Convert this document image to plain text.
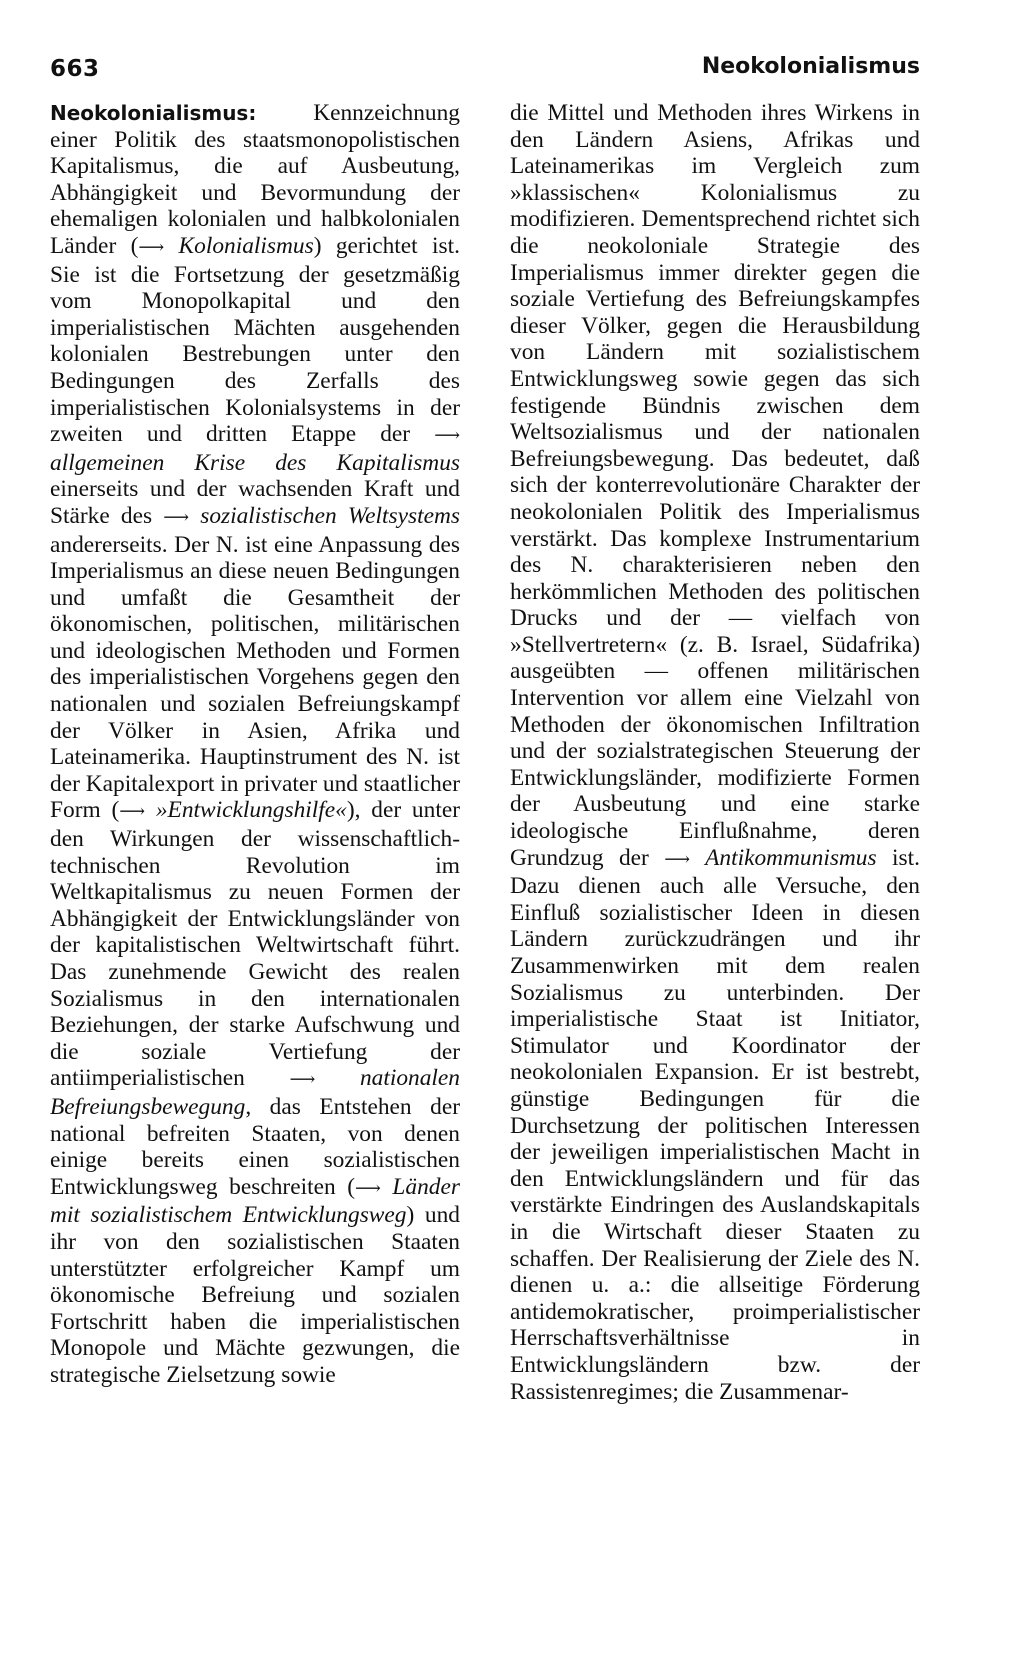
663	Neokolonialismus
Neokolonialismus: Kennzeichnung einer Politik des staatsmonopolistischen Kapitalismus, die auf Ausbeutung, Abhängigkeit und Bevormundung der ehemaligen kolonialen und halbkolonialen Länder (⟶ Kolonialismus) gerichtet ist. Sie ist die Fortsetzung der gesetzmäßig vom Monopolkapital und den imperialistischen Mächten ausgehenden kolonialen Bestrebungen unter den Bedingungen des Zerfalls des imperialistischen Kolonialsystems in der zweiten und dritten Etappe der ⟶ allgemeinen Krise des Kapitalismus einerseits und der wachsenden Kraft und Stärke des ⟶ sozialistischen Weltsystems andererseits. Der N. ist eine Anpassung des Imperialismus an diese neuen Bedingungen und umfaßt die Gesamtheit der ökonomischen, politischen, militärischen und ideologischen Methoden und Formen des imperialistischen Vorgehens gegen den nationalen und sozialen Befreiungskampf der Völker in Asien, Afrika und Lateinamerika. Hauptinstrument des N. ist der Kapitalexport in privater und staatlicher Form (⟶ »Entwicklungshilfe«), der unter den Wirkungen der wissenschaftlich-technischen Revolution im Weltkapitalismus zu neuen Formen der Abhängigkeit der Entwicklungsländer von der kapitalistischen Weltwirtschaft führt. Das zunehmende Gewicht des realen Sozialismus in den internationalen Beziehungen, der starke Aufschwung und die soziale Vertiefung der antiimperialistischen ⟶ nationalen Befreiungsbewegung, das Entstehen der national befreiten Staaten, von denen einige bereits einen sozialistischen Entwicklungsweg beschreiten (⟶ Länder mit sozialistischem Entwicklungsweg) und ihr von den sozialistischen Staaten unterstützter erfolgreicher Kampf um ökonomische Befreiung und sozialen Fortschritt haben die imperialistischen Monopole und Mächte gezwungen, die strategische Zielsetzung sowie
die Mittel und Methoden ihres Wirkens in den Ländern Asiens, Afrikas und Lateinamerikas im Vergleich zum »klassischen« Kolonialismus zu modifizieren. Dementsprechend richtet sich die neokoloniale Strategie des Imperialismus immer direkter gegen die soziale Vertiefung des Befreiungskampfes dieser Völker, gegen die Herausbildung von Ländern mit sozialistischem Entwicklungsweg sowie gegen das sich festigende Bündnis zwischen dem Weltsozialismus und der nationalen Befreiungsbewegung. Das bedeutet, daß sich der konterrevolutionäre Charakter der neokolonialen Politik des Imperialismus verstärkt. Das komplexe Instrumentarium des N. charakterisieren neben den herkömmlichen Methoden des politischen Drucks und der — vielfach von »Stellvertretern« (z. B. Israel, Südafrika) ausgeübten — offenen militärischen Intervention vor allem eine Vielzahl von Methoden der ökonomischen Infiltration und der sozialstrategischen Steuerung der Entwicklungsländer, modifizierte Formen der Ausbeutung und eine starke ideologische Einflußnahme, deren Grundzug der ⟶ Antikommunismus ist. Dazu dienen auch alle Versuche, den Einfluß sozialistischer Ideen in diesen Ländern zurückzudrängen und ihr Zusammenwirken mit dem realen Sozialismus zu unterbinden. Der imperialistische Staat ist Initiator, Stimulator und Koordinator der neokolonialen Expansion. Er ist bestrebt, günstige Bedingungen für die Durchsetzung der politischen Interessen der jeweiligen imperialistischen Macht in den Entwicklungsländern und für das verstärkte Eindringen des Auslandskapitals in die Wirtschaft dieser Staaten zu schaffen. Der Realisierung der Ziele des N. dienen u. a.: die allseitige Förderung antidemokratischer, proimperialistischer Herrschaftsverhältnisse in Entwicklungsländern bzw. der Rassistenregimes; die Zusammenar-
